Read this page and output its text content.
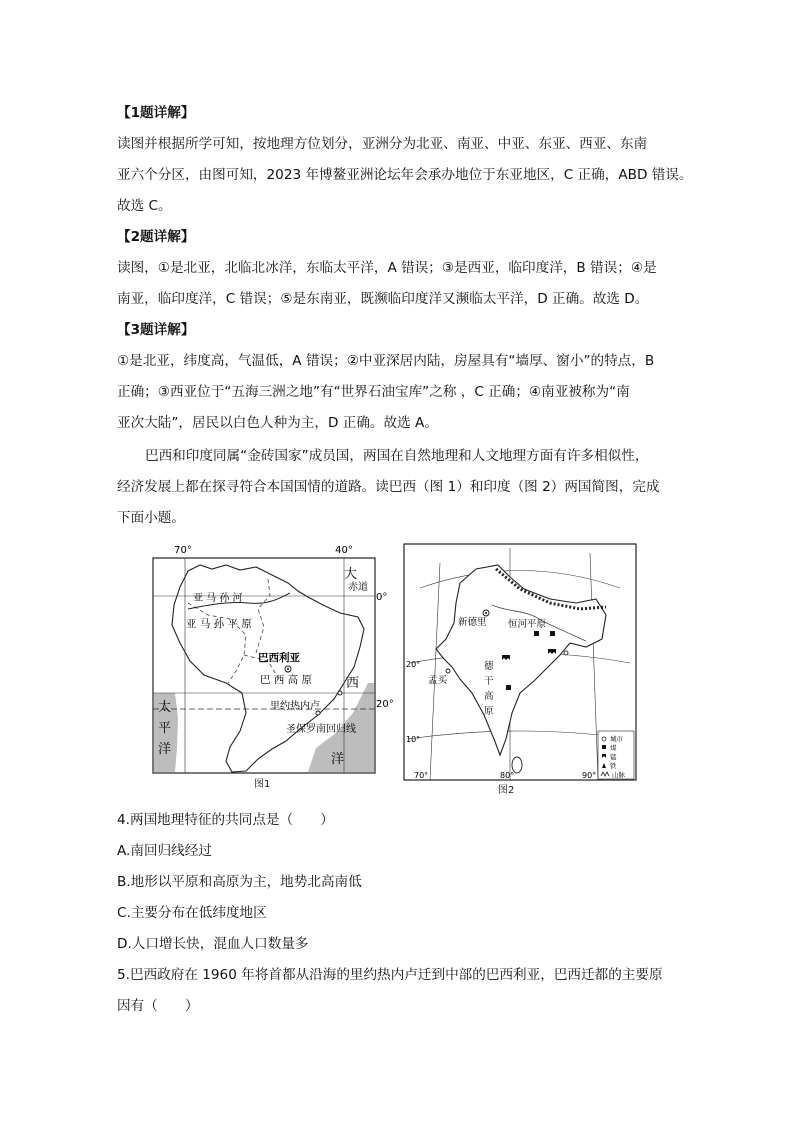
【1题详解】
读图并根据所学可知，按地理方位划分，亚洲分为北亚、南亚、中亚、东亚、西亚、东南
亚六个分区，由图可知，2023 年博鳌亚洲论坛年会承办地位于东亚地区，C 正确，ABD 错误。
故选 C。
【2题详解】
读图，①是北亚，北临北冰洋，东临太平洋，A 错误；③是西亚，临印度洋，B 错误；④是
南亚，临印度洋，C 错误；⑤是东南亚，既濒临印度洋又濒临太平洋，D 正确。故选 D。
【3题详解】
①是北亚，纬度高，气温低，A 错误；②中亚深居内陆，房屋具有“墙厚、窗小”的特点，B
正确；③西亚位于“五海三洲之地”有“世界石油宝库”之称 ，C 正确；④南亚被称为“南
亚次大陆”，居民以白色人种为主，D 正确。故选 A。
巴西和印度同属“金砖国家”成员国，两国在自然地理和人文地理方面有许多相似性，
经济发展上都在探寻符合本国国情的道路。读巴西（图 1）和印度（图 2）两国简图，完成
下面小题。
70°	40°
0°
20°
赤道
亚 马 孙 河
亚 马 孙 平 原
巴西利亚
巴 西 高 原
里约热内卢
圣保罗南回归线
太
平
洋
大
西
洋
图1
新德里 恒河平原
孟买
德
干
高
原
20°
10°
70°	80°	90°
城市
煤
锰
铁
山脉
图2
4.两国地理特征的共同点是（　　）
A.南回归线经过
B.地形以平原和高原为主，地势北高南低
C.主要分布在低纬度地区
D.人口增长快，混血人口数量多
5.巴西政府在 1960 年将首都从沿海的里约热内卢迁到中部的巴西利亚，巴西迁都的主要原
因有（　　）
